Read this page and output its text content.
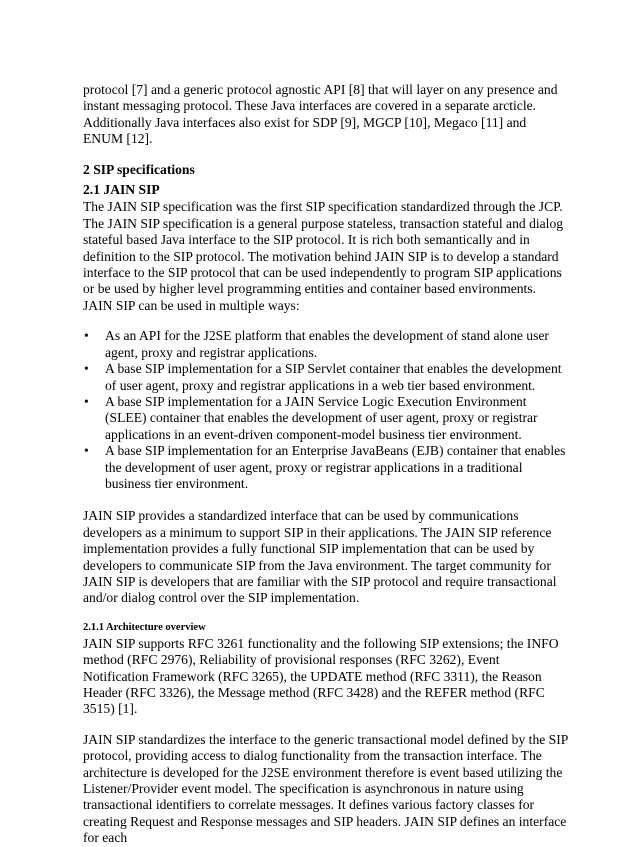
protocol [7] and a generic protocol agnostic API [8] that will layer on any presence and instant messaging protocol. These Java interfaces are covered in a separate arcticle. Additionally Java interfaces also exist for SDP [9], MGCP [10], Megaco [11] and ENUM [12].

2 SIP specifications
2.1 JAIN SIP

The JAIN SIP specification was the first SIP specification standardized through the JCP. The JAIN SIP specification is a general purpose stateless, transaction stateful and dialog stateful based Java interface to the SIP protocol. It is rich both semantically and in definition to the SIP protocol. The motivation behind JAIN SIP is to develop a standard interface to the SIP protocol that can be used independently to program SIP applications or be used by higher level programming entities and container based environments. JAIN SIP can be used in multiple ways:

• As an API for the J2SE platform that enables the development of stand alone user agent, proxy and registrar applications.
• A base SIP implementation for a SIP Servlet container that enables the development of user agent, proxy and registrar applications in a web tier based environment.
• A base SIP implementation for a JAIN Service Logic Execution Environment (SLEE) container that enables the development of user agent, proxy or registrar applications in an event-driven component-model business tier environment.
• A base SIP implementation for an Enterprise JavaBeans (EJB) container that enables the development of user agent, proxy or registrar applications in a traditional business tier environment.

JAIN SIP provides a standardized interface that can be used by communications developers as a minimum to support SIP in their applications. The JAIN SIP reference implementation provides a fully functional SIP implementation that can be used by developers to communicate SIP from the Java environment. The target community for JAIN SIP is developers that are familiar with the SIP protocol and require transactional and/or dialog control over the SIP implementation.

2.1.1 Architecture overview

JAIN SIP supports RFC 3261 functionality and the following SIP extensions; the INFO method (RFC 2976), Reliability of provisional responses (RFC 3262), Event Notification Framework (RFC 3265), the UPDATE method (RFC 3311), the Reason Header (RFC 3326), the Message method (RFC 3428) and the REFER method (RFC 3515) [1].

JAIN SIP standardizes the interface to the generic transactional model defined by the SIP protocol, providing access to dialog functionality from the transaction interface. The architecture is developed for the J2SE environment therefore is event based utilizing the Listener/Provider event model. The specification is asynchronous in nature using transactional identifiers to correlate messages. It defines various factory classes for creating Request and Response messages and SIP headers. JAIN SIP defines an interface for each
